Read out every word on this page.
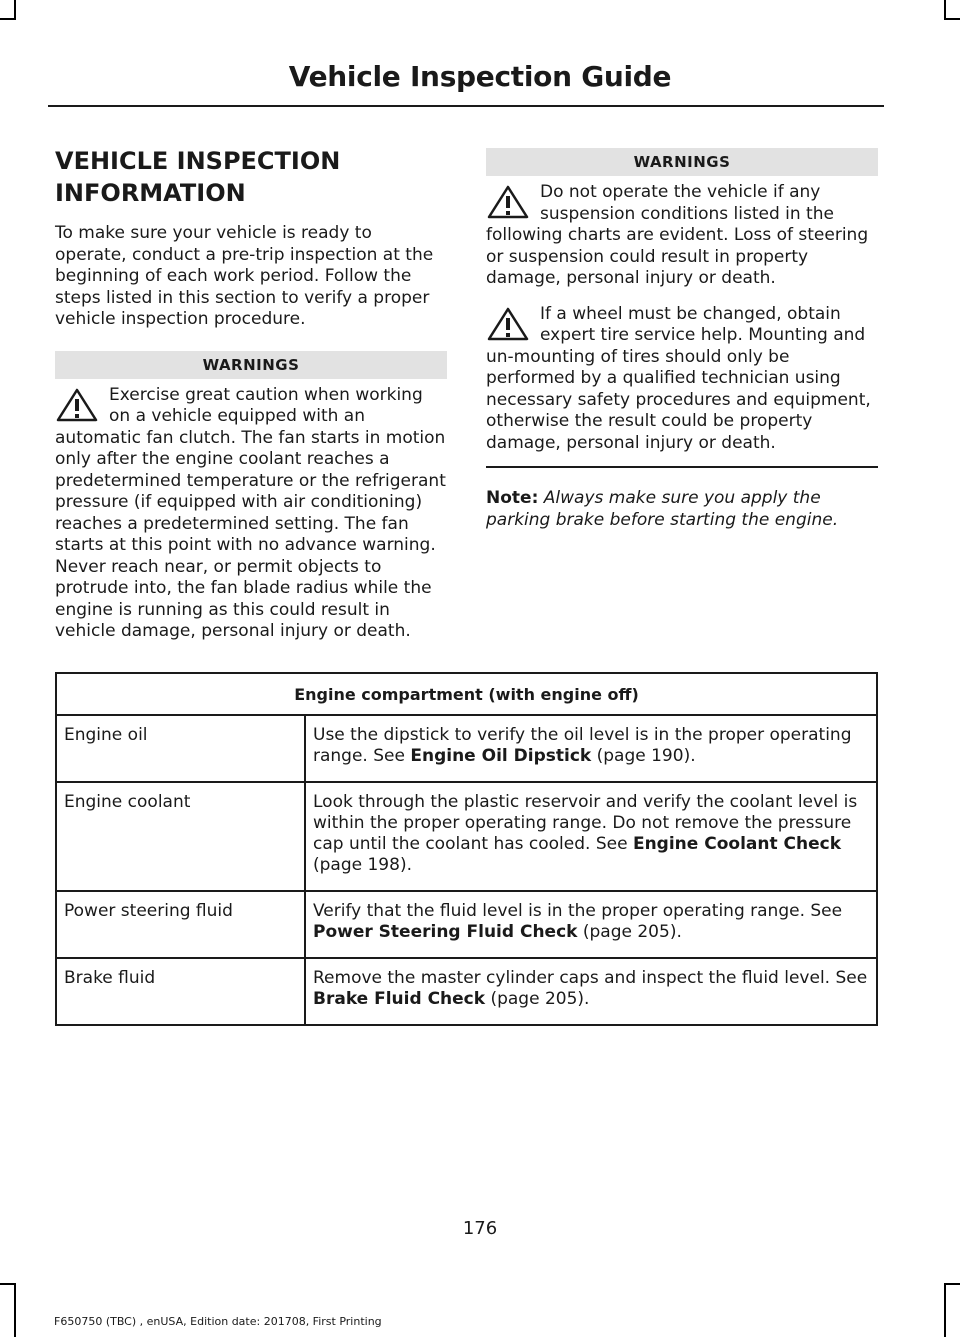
Vehicle Inspection Guide
VEHICLE INSPECTION INFORMATION

To make sure your vehicle is ready to operate, conduct a pre-trip inspection at the beginning of each work period. Follow the steps listed in this section to verify a proper vehicle inspection procedure.

WARNINGS
Exercise great caution when working on a vehicle equipped with an automatic fan clutch. The fan starts in motion only after the engine coolant reaches a predetermined temperature or the refrigerant pressure (if equipped with air conditioning) reaches a predetermined setting. The fan starts at this point with no advance warning. Never reach near, or permit objects to protrude into, the fan blade radius while the engine is running as this could result in vehicle damage, personal injury or death.
WARNINGS
Do not operate the vehicle if any suspension conditions listed in the following charts are evident. Loss of steering or suspension could result in property damage, personal injury or death.
If a wheel must be changed, obtain expert tire service help. Mounting and un-mounting of tires should only be performed by a qualified technician using necessary safety procedures and equipment, otherwise the result could be property damage, personal injury or death.
Note: Always make sure you apply the parking brake before starting the engine.
Engine compartment (with engine off)	
Engine oil	Use the dipstick to verify the oil level is in the proper operating range. See Engine Oil Dipstick (page 190).
Engine coolant	Look through the plastic reservoir and verify the coolant level is within the proper operating range. Do not remove the pressure cap until the coolant has cooled. See Engine Coolant Check (page 198).
Power steering fluid	Verify that the fluid level is in the proper operating range. See Power Steering Fluid Check (page 205).
Brake fluid	Remove the master cylinder caps and inspect the fluid level. See Brake Fluid Check (page 205).
176
F650750 (TBC) , enUSA, Edition date: 201708, First Printing
